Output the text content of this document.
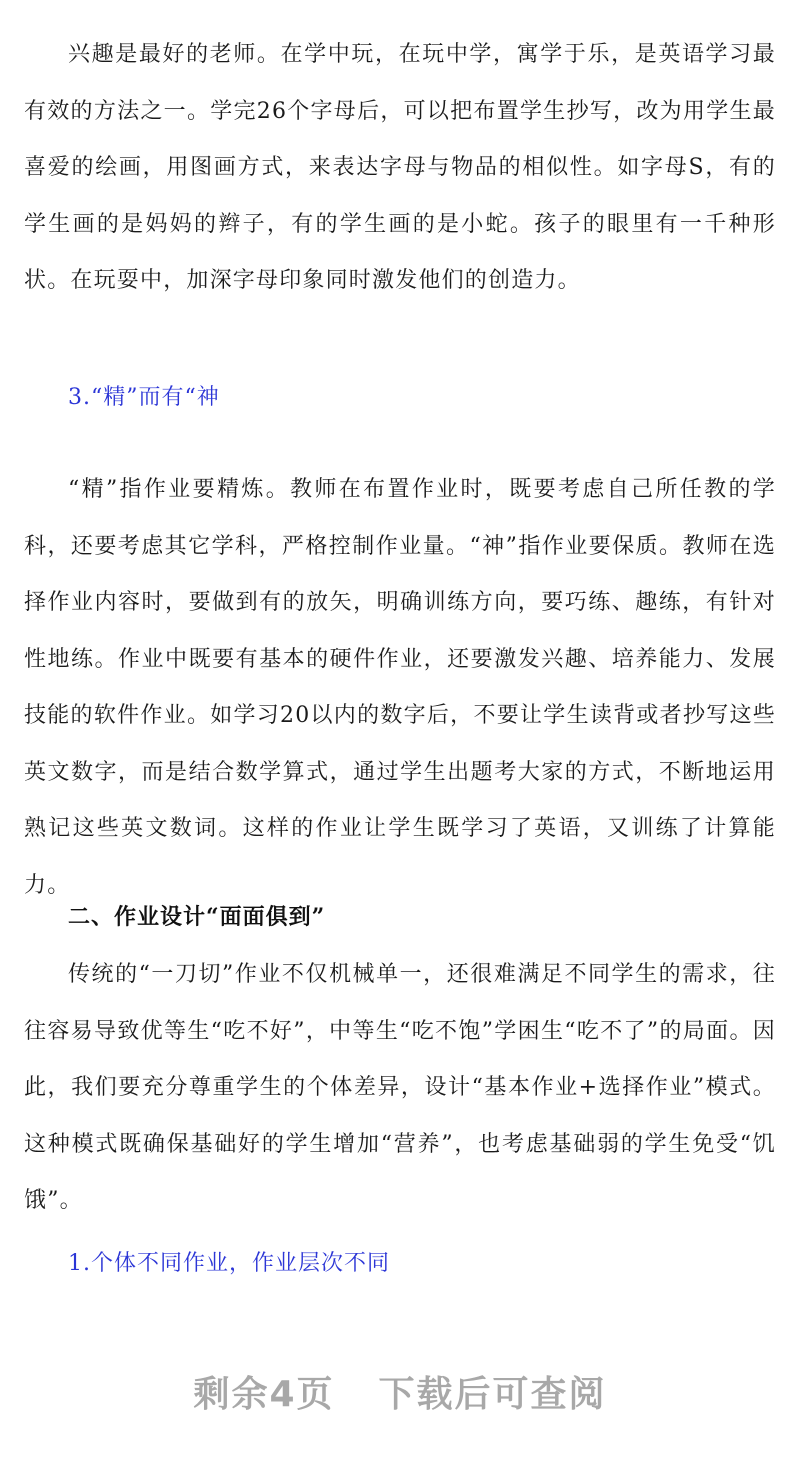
兴趣是最好的老师。在学中玩，在玩中学，寓学于乐，是英语学习最有效的方法之一。学完26个字母后，可以把布置学生抄写，改为用学生最喜爱的绘画，用图画方式，来表达字母与物品的相似性。如字母S，有的学生画的是妈妈的辫子，有的学生画的是小蛇。孩子的眼里有一千种形状。在玩耍中，加深字母印象同时激发他们的创造力。

3.“精”而有“神

“精”指作业要精炼。教师在布置作业时，既要考虑自己所任教的学科，还要考虑其它学科，严格控制作业量。“神”指作业要保质。教师在选择作业内容时，要做到有的放矢，明确训练方向，要巧练、趣练，有针对性地练。作业中既要有基本的硬件作业，还要激发兴趣、培养能力、发展技能的软件作业。如学习20以内的数字后，不要让学生读背或者抄写这些英文数字，而是结合数学算式，通过学生出题考大家的方式，不断地运用熟记这些英文数词。这样的作业让学生既学习了英语，又训练了计算能力。

二、作业设计“面面俱到”

传统的“一刀切”作业不仅机械单一，还很难满足不同学生的需求，往往容易导致优等生“吃不好”，中等生“吃不饱”学困生“吃不了”的局面。因此，我们要充分尊重学生的个体差异，设计“基本作业+选择作业”模式。这种模式既确保基础好的学生增加“营养”，也考虑基础弱的学生免受“饥饿”。

1.个体不同作业，作业层次不同

剩余4页 下载后可查阅
